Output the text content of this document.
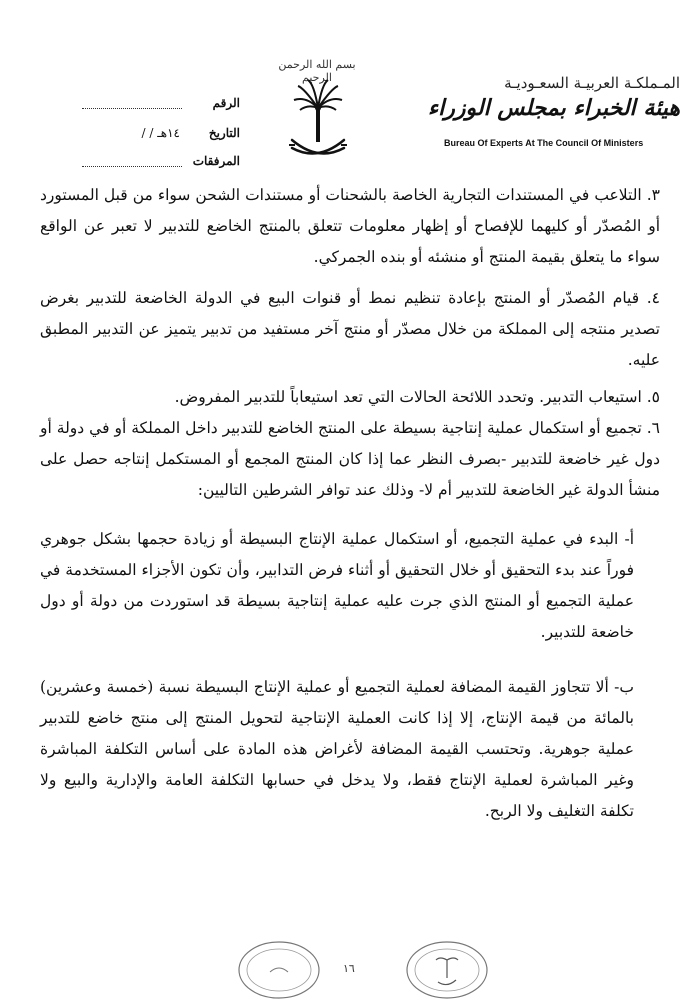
بسم الله الرحمن الرحيم
الرقم
التاريخ
/ / ١٤هـ
المرفقات
المـملكـة العربيـة السعـوديـة
هيئة الخبراء بمجلس الوزراء
Bureau Of Experts At The Council Of Ministers

٣. التلاعب في المستندات التجارية الخاصة بالشحنات أو مستندات الشحن سواء من قبل المستورد أو المُصدّر أو كليهما للإفصاح أو إظهار معلومات تتعلق بالمنتج الخاضع للتدبير لا تعبر عن الواقع سواء ما يتعلق بقيمة المنتج أو منشئه أو بنده الجمركي.

٤. قيام المُصدّر أو المنتج بإعادة تنظيم نمط أو قنوات البيع في الدولة الخاضعة للتدبير بغرض تصدير منتجه إلى المملكة من خلال مصدّر أو منتج آخر مستفيد من تدبير يتميز عن التدبير المطبق عليه.

٥. استيعاب التدبير. وتحدد اللائحة الحالات التي تعد استيعاباً للتدبير المفروض.

٦. تجميع أو استكمال عملية إنتاجية بسيطة على المنتج الخاضع للتدبير داخل المملكة أو في دولة أو دول غير خاضعة للتدبير -بصرف النظر عما إذا كان المنتج المجمع أو المستكمل إنتاجه حصل على منشأ الدولة غير الخاضعة للتدبير أم لا- وذلك عند توافر الشرطين التاليين:

أ- البدء في عملية التجميع، أو استكمال عملية الإنتاج البسيطة أو زيادة حجمها بشكل جوهري فوراً عند بدء التحقيق أو خلال التحقيق أو أثناء فرض التدابير، وأن تكون الأجزاء المستخدمة في عملية التجميع أو المنتج الذي جرت عليه عملية إنتاجية بسيطة قد استوردت من دولة أو دول خاضعة للتدبير.

ب- ألا تتجاوز القيمة المضافة لعملية التجميع أو عملية الإنتاج البسيطة نسبة (خمسة وعشرين) بالمائة من قيمة الإنتاج، إلا إذا كانت العملية الإنتاجية لتحويل المنتج إلى منتج خاضع للتدبير عملية جوهرية. وتحتسب القيمة المضافة لأغراض هذه المادة على أساس التكلفة المباشرة وغير المباشرة لعملية الإنتاج فقط، ولا يدخل في حسابها التكلفة العامة والإدارية والبيع ولا تكلفة التغليف ولا الربح.

١٦
